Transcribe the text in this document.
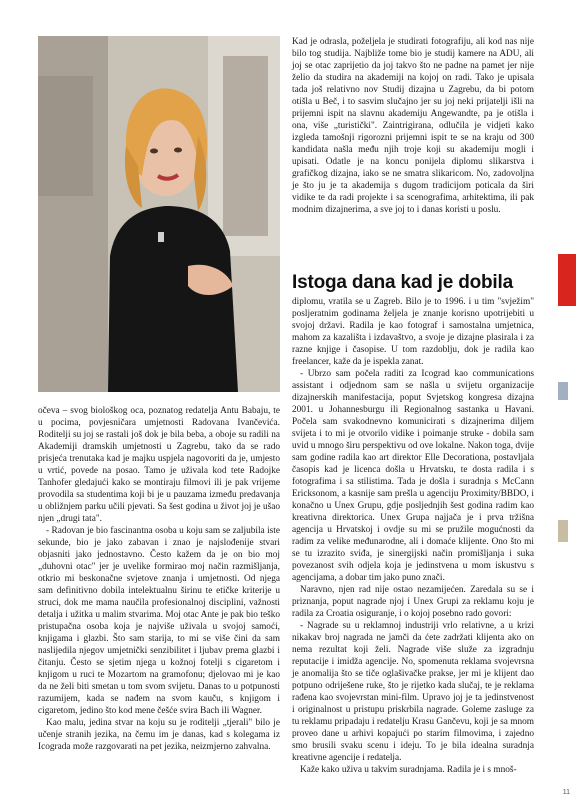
očeva – svog biološkog oca, poznatog redatelja Antu Babaju, te u pocima, povjesničara umjetnosti Radovana Ivančevića. Roditelji su joj se rastali još dok je bila beba, a oboje su radili na Akademiji dramskih umjetnosti u Zagrebu, tako da se rado prisjeća trenutaka kad je majku uspjela nagovoriti da je, umjesto u vrtić, povede na posao. Tamo je uživala kod tete Radojke Tanhofer gledajući kako se montiraju filmovi ili je pak vrijeme provodila sa studentima koji bi je u pauzama između predavanja u obližnjem parku učili pjevati. Sa šest godina u život joj je ušao njen „drugi tata".

- Radovan je bio fascinantna osoba u koju sam se zaljubila iste sekunde, bio je jako zabavan i znao je najslođenije stvari objasniti jako jednostavno. Često kažem da je on bio moj „duhovni otac" jer je uvelike formirao moj način razmišljanja, otkrio mi beskonačne svjetove znanja i umjetnosti. Od njega sam definitivno dobila intelektualnu širinu te etičke kriterije u struci, dok me mama naučila profesionalnoj disciplini, važnosti detalja i užitka u malim stvarima. Moj otac Ante je pak bio teško pristupačna osoba koja je najviše uživala u svojoj samoći, knjigama i glazbi. Što sam starija, to mi se više čini da sam naslijedila njegov umjetnički senzibilitet i ljubav prema glazbi i čitanju. Često se sjetim njega u kožnoj fotelji s cigaretom i knjigom u ruci te Mozartom na gramofonu; djelovao mi je kao da ne želi biti smetan u tom svom svijetu. Danas to u potpunosti razumijem, kada se nađem na svom kauču, s knjigom i cigaretom, jedino što kod mene češće svira Bach ili Wagner.

Kao malu, jedina stvar na koju su je roditelji „tjerali" bilo je učenje stranih jezika, na čemu im je danas, kad s kolegama iz Icograda može razgovarati na pet jezika, neizmjerno zahvalna.

Kad je odrasla, poželjela je studirati fotografiju, ali kod nas nije bilo tog studija. Najbliže tome bio je studij kamere na ADU, ali joj se otac zaprijetio da joj takvo što ne padne na pamet jer nije želio da studira na akademiji na kojoj on radi. Tako je upisala tada još relativno nov Studij dizajna u Zagrebu, da bi potom otišla u Beč, i to sasvim slučajno jer su joj neki prijatelji išli na prijemni ispit na slavnu akademiju Angewandte, pa je otišla i ona, više „turistički". Zaintrigirana, odlučila je vidjeti kako izgleda tamošnji rigorozni prijemni ispit te se na kraju od 300 kandidata našla među njih troje koji su akademiju mogli i upisati. Odatle je na koncu ponijela diplomu slikarstva i grafičkog dizajna, iako se ne smatra slikaricom. No, zadovoljna je što ju je ta akademija s dugom tradicijom poticala da širi vidike te da radi projekte i sa scenografima, arhitektima, ili pak modnim dizajnerima, a sve joj to i danas koristi u poslu.

Istoga dana kad je dobila

diplomu, vratila se u Zagreb. Bilo je to 1996. i u tim "svježim" posljeratnim godinama željela je znanje korisno upotrijebiti u svojoj državi. Radila je kao fotograf i samostalna umjetnica, mahom za kazališta i izdavaštvo, a svoje je dizajne plasirala i za razne knjige i časopise. U tom razdoblju, dok je radila kao freelancer, kaže da je ispekla zanat.

- Ubrzo sam počela raditi za Icograd kao communications assistant i odjednom sam se našla u svijetu organizacije dizajnerskih manifestacija, poput Svjetskog kongresa dizajna 2001. u Johannesburgu ili Regionalnog sastanka u Havani. Počela sam svakodnevno komunicirati s dizajnerima diljem svijeta i to mi je otvorilo vidike i poimanje struke - dobila sam uvid u mnogo širu perspektivu od ove lokalne. Nakon toga, dvije sam godine radila kao art direktor Elle Decorationa, postavljala časopis kad je licenca došla u Hrvatsku, te dosta radila i s fotografima i sa stilistima. Tada je došla i suradnja s McCann Ericksonom, a kasnije sam prešla u agenciju Proximity/BBDO, i konačno u Unex Grupu, gdje posljednjih šest godina radim kao kreativna direktorica. Unex Grupa najjača je i prva tržišna agencija u Hrvatskoj i ovdje su mi se pružile mogućnosti da radim za velike međunarodne, ali i domaće klijente. Ono što mi se tu izrazito sviđa, je sinergijski način promišljanja i suka povezanost svih odjela koja je jedinstvena u mom iskustvu s agencijama, a dobar tim jako puno znači.

Naravno, njen rad nije ostao nezamijećen. Zaredala su se i priznanja, poput nagrade njoj i Unex Grupi za reklamu koju je radila za Croatia osiguranje, i o kojoj posebno rado govori:

- Nagrade su u reklamnoj industriji vrlo relativne, a u krizi nikakav broj nagrada ne jamči da ćete zadržati klijenta ako on nema rezultat koji želi. Nagrade više služe za izgradnju reputacije i imidža agencije. No, spomenuta reklama svojevrsna je anomalija što se tiče oglašivačke prakse, jer mi je klijent dao potpuno odriješene ruke, što je rijetko kada slučaj, te je reklama rađena kao svojevrstan mini-film. Upravo joj je ta jedinstvenost i originalnost u pristupu priskrbila nagrade. Goleme zasluge za tu reklamu pripadaju i redatelju Krasu Gančevu, koji je sa mnom proveo dane u arhivi kopajući po starim filmovima, i zajedno smo brusili svaku scenu i ideju. To je bila idealna suradnja kreativne agencije i redatelja.

Kaže kako uživa u takvim suradnjama. Radila je i s mnoš-

11
